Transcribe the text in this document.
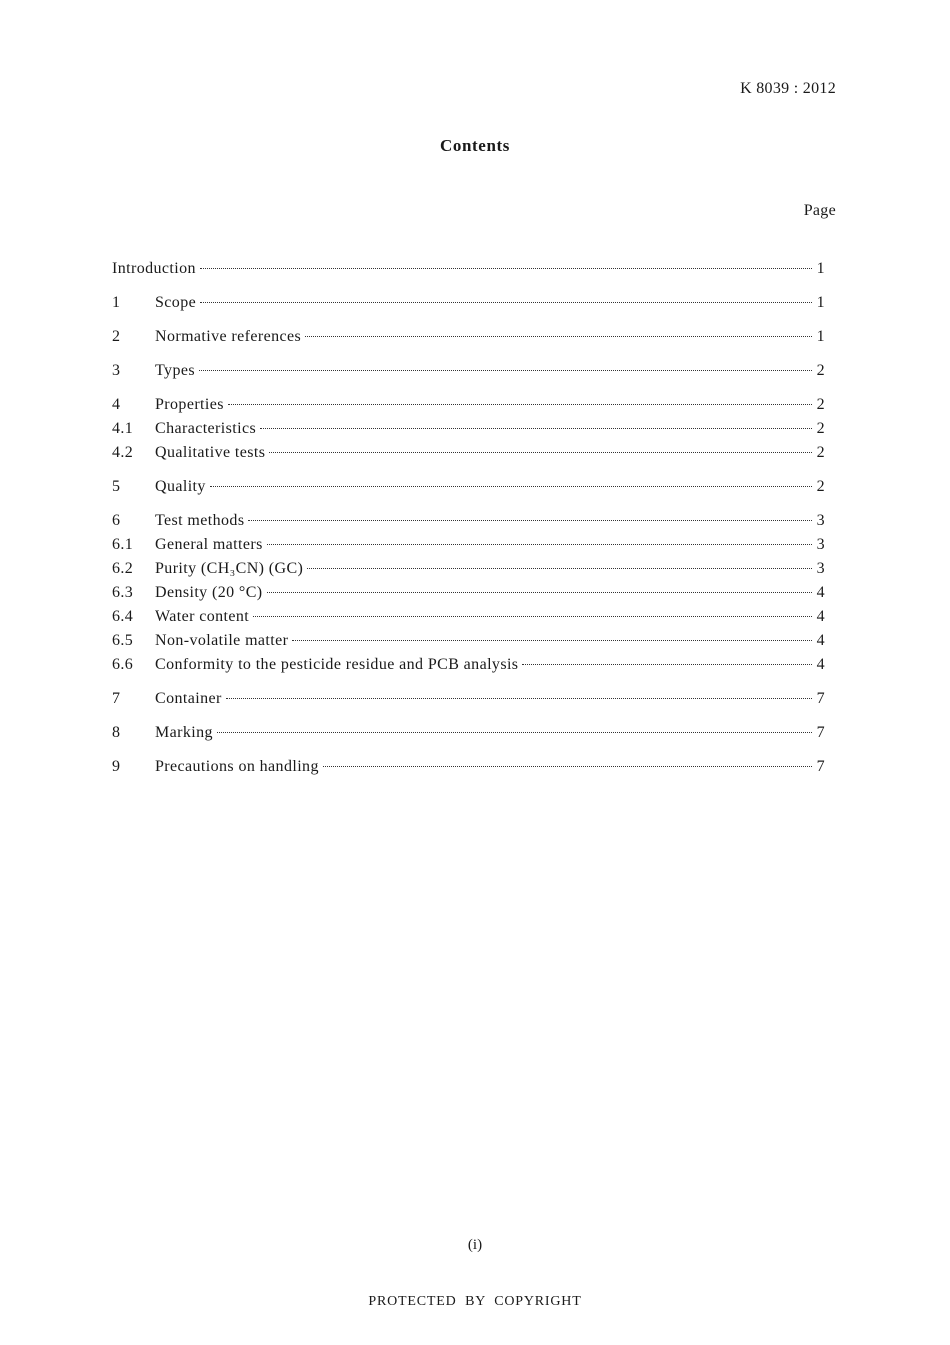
K 8039 : 2012
Contents
Page
Introduction	1
1	Scope	1
2	Normative references	1
3	Types	2
4	Properties	2
4.1	Characteristics	2
4.2	Qualitative tests	2
5	Quality	2
6	Test methods	3
6.1	General matters	3
6.2	Purity (CH₃CN) (GC)	3
6.3	Density (20 °C)	4
6.4	Water content	4
6.5	Non-volatile matter	4
6.6	Conformity to the pesticide residue and PCB analysis	4
7	Container	7
8	Marking	7
9	Precautions on handling	7
(i)
PROTECTED  BY  COPYRIGHT
